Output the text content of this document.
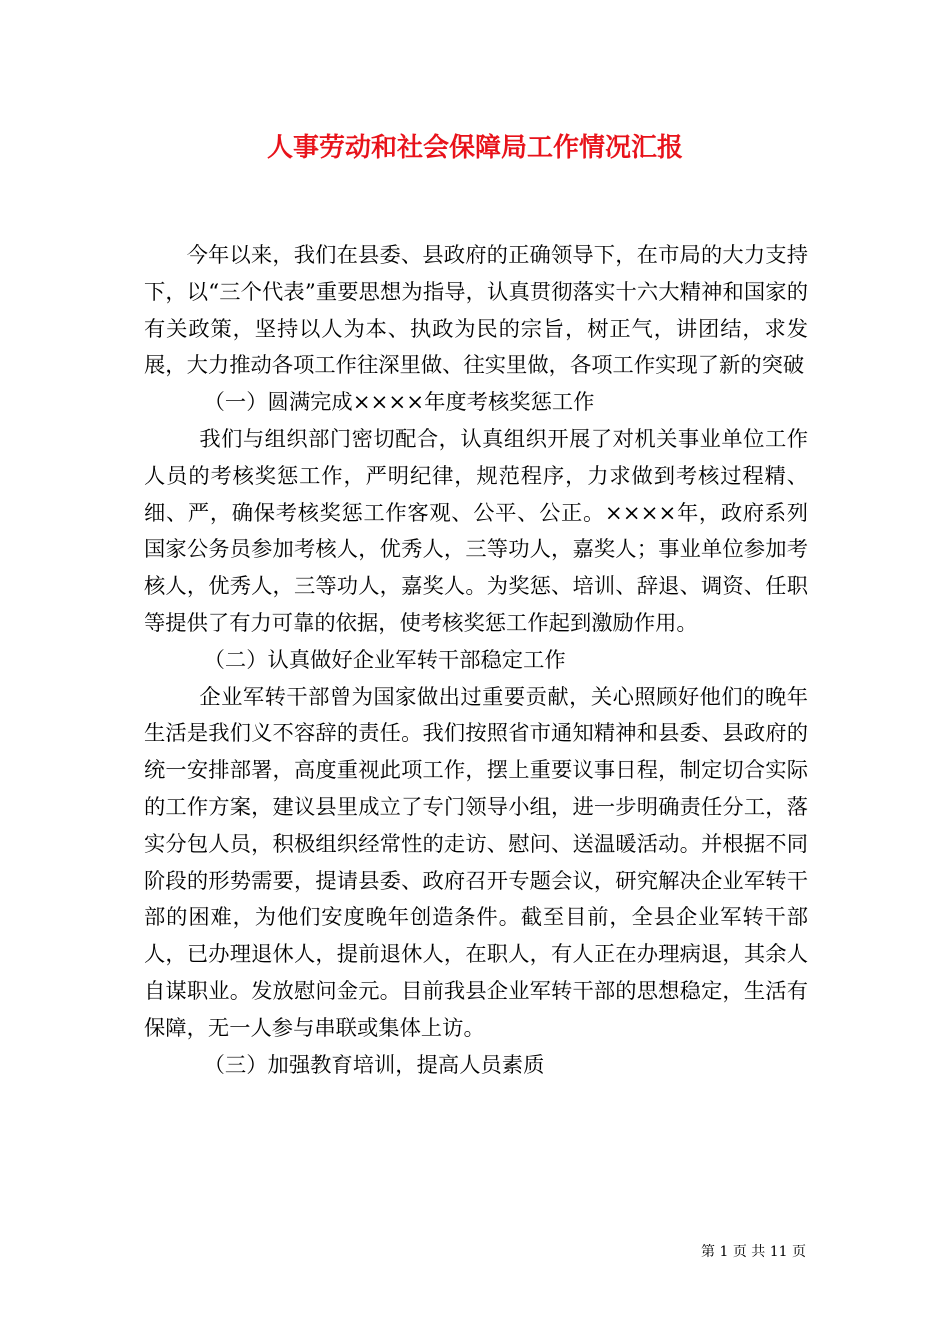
人事劳动和社会保障局工作情况汇报

今年以来，我们在县委、县政府的正确领导下，在市局的大力支持下，以“三个代表”重要思想为指导，认真贯彻落实十六大精神和国家的有关政策，坚持以人为本、执政为民的宗旨，树正气，讲团结，求发展，大力推动各项工作往深里做、往实里做，各项工作实现了新的突破

（一）圆满完成××××年度考核奖惩工作

我们与组织部门密切配合，认真组织开展了对机关事业单位工作人员的考核奖惩工作，严明纪律，规范程序，力求做到考核过程精、细、严，确保考核奖惩工作客观、公平、公正。××××年，政府系列国家公务员参加考核人，优秀人，三等功人，嘉奖人；事业单位参加考核人，优秀人，三等功人，嘉奖人。为奖惩、培训、辞退、调资、任职等提供了有力可靠的依据，使考核奖惩工作起到激励作用。

（二）认真做好企业军转干部稳定工作

企业军转干部曾为国家做出过重要贡献，关心照顾好他们的晚年生活是我们义不容辞的责任。我们按照省市通知精神和县委、县政府的统一安排部署，高度重视此项工作，摆上重要议事日程，制定切合实际的工作方案，建议县里成立了专门领导小组，进一步明确责任分工，落实分包人员，积极组织经常性的走访、慰问、送温暖活动。并根据不同阶段的形势需要，提请县委、政府召开专题会议，研究解决企业军转干部的困难，为他们安度晚年创造条件。截至目前，全县企业军转干部人，已办理退休人，提前退休人，在职人，有人正在办理病退，其余人自谋职业。发放慰问金元。目前我县企业军转干部的思想稳定，生活有保障，无一人参与串联或集体上访。

（三）加强教育培训，提高人员素质

第 1 页 共 11 页
